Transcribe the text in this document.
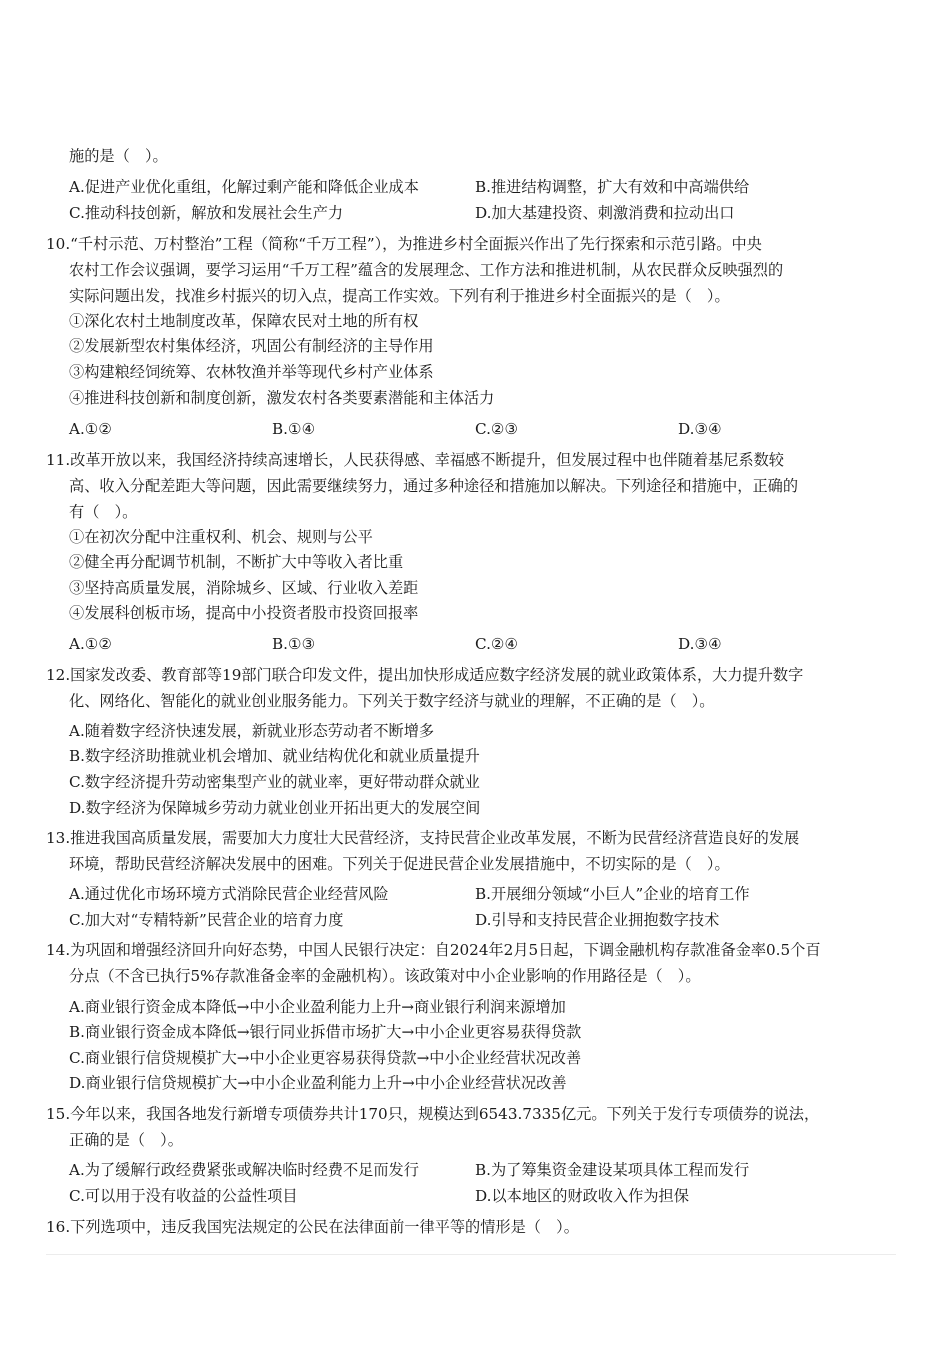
施的是（　）。
A.促进产业优化重组，化解过剩产能和降低企业成本	B.推进结构调整，扩大有效和中高端供给
C.推动科技创新，解放和发展社会生产力	D.加大基建投资、刺激消费和拉动出口
10.“千村示范、万村整治”工程（简称“千万工程”），为推进乡村全面振兴作出了先行探索和示范引路。中央
农村工作会议强调，要学习运用“千万工程”蕴含的发展理念、工作方法和推进机制，从农民群众反映强烈的
实际问题出发，找准乡村振兴的切入点，提高工作实效。下列有利于推进乡村全面振兴的是（　）。
①深化农村土地制度改革，保障农民对土地的所有权
②发展新型农村集体经济，巩固公有制经济的主导作用
③构建粮经饲统筹、农林牧渔并举等现代乡村产业体系
④推进科技创新和制度创新，激发农村各类要素潜能和主体活力
A.①②	B.①④	C.②③	D.③④
11.改革开放以来，我国经济持续高速增长，人民获得感、幸福感不断提升，但发展过程中也伴随着基尼系数较
高、收入分配差距大等问题，因此需要继续努力，通过多种途径和措施加以解决。下列途径和措施中，正确的
有（　）。
①在初次分配中注重权利、机会、规则与公平
②健全再分配调节机制，不断扩大中等收入者比重
③坚持高质量发展，消除城乡、区域、行业收入差距
④发展科创板市场，提高中小投资者股市投资回报率
A.①②	B.①③	C.②④	D.③④
12.国家发改委、教育部等19部门联合印发文件，提出加快形成适应数字经济发展的就业政策体系，大力提升数字
化、网络化、智能化的就业创业服务能力。下列关于数字经济与就业的理解，不正确的是（　）。
A.随着数字经济快速发展，新就业形态劳动者不断增多
B.数字经济助推就业机会增加、就业结构优化和就业质量提升
C.数字经济提升劳动密集型产业的就业率，更好带动群众就业
D.数字经济为保障城乡劳动力就业创业开拓出更大的发展空间
13.推进我国高质量发展，需要加大力度壮大民营经济，支持民营企业改革发展，不断为民营经济营造良好的发展
环境，帮助民营经济解决发展中的困难。下列关于促进民营企业发展措施中，不切实际的是（　）。
A.通过优化市场环境方式消除民营企业经营风险	B.开展细分领域“小巨人”企业的培育工作
C.加大对“专精特新”民营企业的培育力度	D.引导和支持民营企业拥抱数字技术
14.为巩固和增强经济回升向好态势，中国人民银行决定：自2024年2月5日起，下调金融机构存款准备金率0.5个百
分点（不含已执行5%存款准备金率的金融机构）。该政策对中小企业影响的作用路径是（　）。
A.商业银行资金成本降低→中小企业盈利能力上升→商业银行利润来源增加
B.商业银行资金成本降低→银行同业拆借市场扩大→中小企业更容易获得贷款
C.商业银行信贷规模扩大→中小企业更容易获得贷款→中小企业经营状况改善
D.商业银行信贷规模扩大→中小企业盈利能力上升→中小企业经营状况改善
15.今年以来，我国各地发行新增专项债券共计170只，规模达到6543.7335亿元。下列关于发行专项债券的说法，
正确的是（　）。
A.为了缓解行政经费紧张或解决临时经费不足而发行	B.为了筹集资金建设某项具体工程而发行
C.可以用于没有收益的公益性项目	D.以本地区的财政收入作为担保
16.下列选项中，违反我国宪法规定的公民在法律面前一律平等的情形是（　）。
